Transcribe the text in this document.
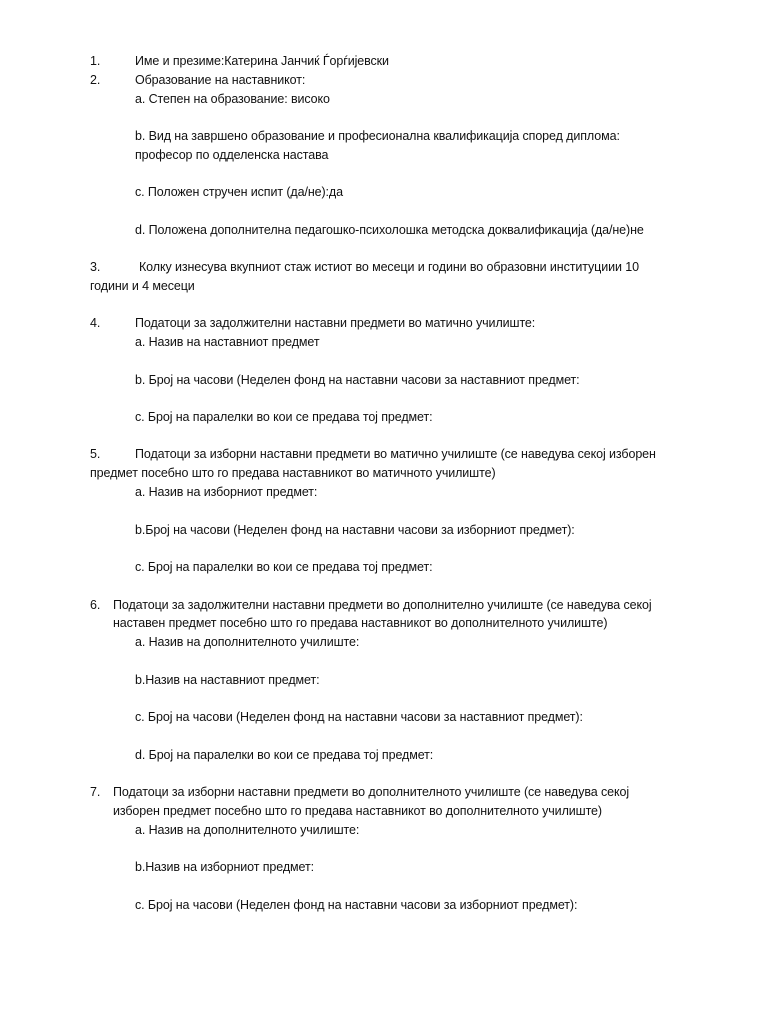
1.	Име и презиме:Катерина Јанчиќ Ѓорѓијевски
2.	Образование на наставникот:
a. Степен на образование: високо
b. Вид на завршено образование и професионална квалификација според диплома:
професор по одделенска настава
c. Положен стручен испит (да/не):да
d. Положена дополнителна педагошко-психолошка методска доквалификација (да/не)не
3.	Колку изнесува вкупниот стаж истиот во месеци и години во образовни институциии 10
години и 4 месеци
4.	Податоци за задолжителни наставни предмети во матично училиште:
a. Назив на наставниот предмет
b. Број на часови (Неделен фонд на наставни часови за наставниот предмет:
c. Број на паралелки во кои се предава тој предмет:
5.	Податоци за изборни наставни предмети во матично училиште (се наведува секој изборен
предмет посебно што го предава наставникот во матичното училиште)
a. Назив на изборниот предмет:
b.Број на часови (Неделен фонд на наставни часови за изборниот предмет):
c. Број на паралелки во кои се предава тој предмет:
6. Податоци за задолжителни наставни предмети во дополнително училиште (се наведува секој
наставен предмет посебно што го предава наставникот во дополнителното училиште)
a. Назив на дополнителното училиште:
b.Назив на наставниот предмет:
c. Број на часови (Неделен фонд на наставни часови за наставниот предмет):
d. Број на паралелки во кои се предава тој предмет:
7. Податоци за изборни наставни предмети во дополнителното училиште (се наведува секој
изборен предмет посебно што го предава наставникот во дополнителното училиште)
a. Назив на дополнителното училиште:
b.Назив на изборниот предмет:
c. Број на часови (Неделен фонд на наставни часови за изборниот предмет):
